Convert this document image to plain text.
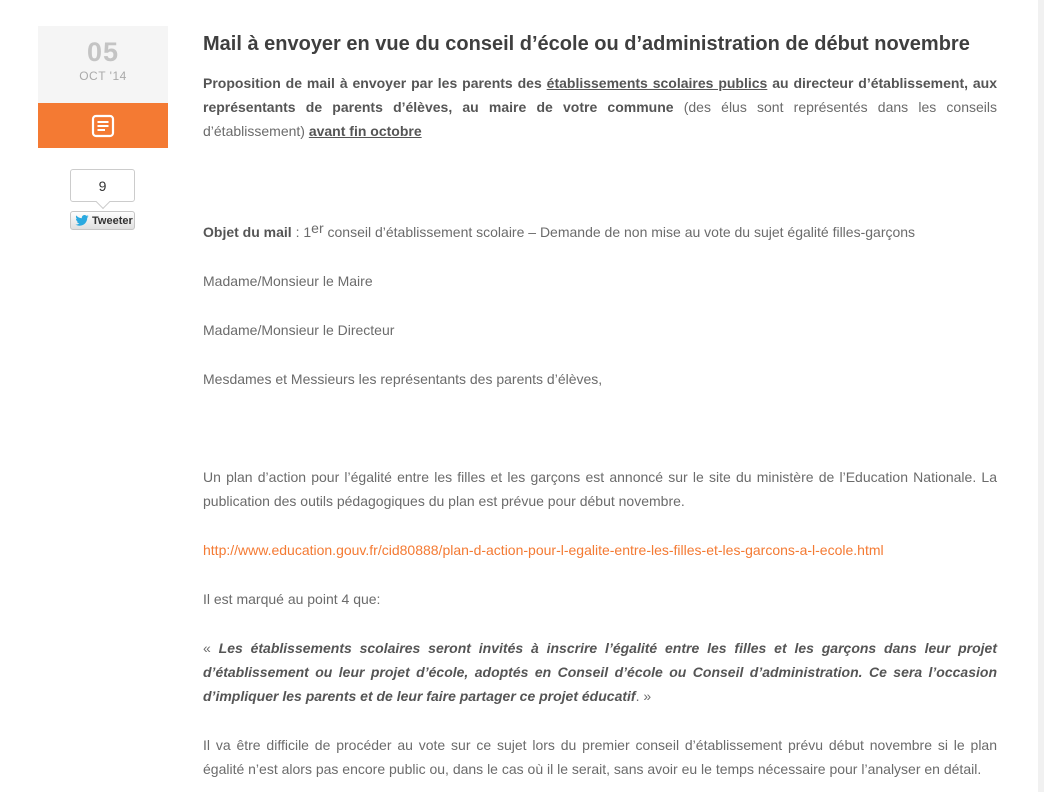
05
OCT '14
9
Tweeter
Mail à envoyer en vue du conseil d’école ou d’administration de début novembre

Proposition de mail à envoyer par les parents des établissements scolaires publics au directeur d’établissement, aux représentants de parents d’élèves, au maire de votre commune (des élus sont représentés dans les conseils d’établissement) avant fin octobre

Objet du mail : 1er conseil d’établissement scolaire – Demande de non mise au vote du sujet égalité filles-garçons

Madame/Monsieur le Maire

Madame/Monsieur le Directeur

Mesdames et Messieurs les représentants des parents d’élèves,

Un plan d’action pour l’égalité entre les filles et les garçons est annoncé sur le site du ministère de l’Education Nationale. La publication des outils pédagogiques du plan est prévue pour début novembre.

http://www.education.gouv.fr/cid80888/plan-d-action-pour-l-egalite-entre-les-filles-et-les-garcons-a-l-ecole.html

Il est marqué au point 4 que:

« Les établissements scolaires seront invités à inscrire l’égalité entre les filles et les garçons dans leur projet d’établissement ou leur projet d’école, adoptés en Conseil d’école ou Conseil d’administration. Ce sera l’occasion d’impliquer les parents et de leur faire partager ce projet éducatif. »

Il va être difficile de procéder au vote sur ce sujet lors du premier conseil d’établissement prévu début novembre si le plan égalité n’est alors pas encore public ou, dans le cas où il le serait, sans avoir eu le temps nécessaire pour l’analyser en détail.
